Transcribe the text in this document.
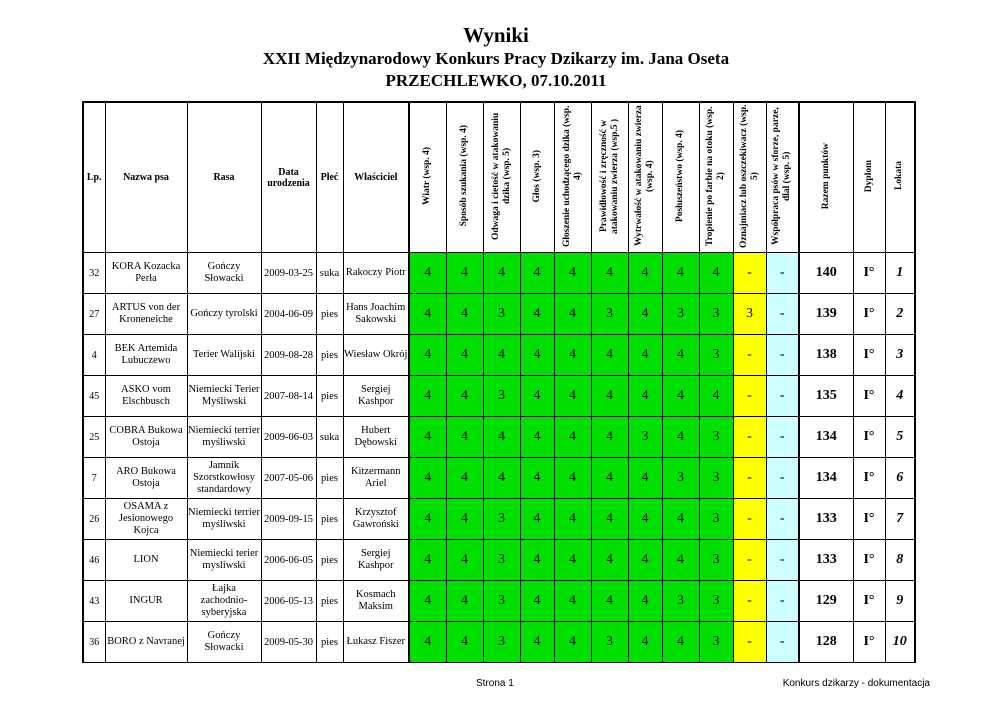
Wyniki
XXII Międzynarodowy Konkurs Pracy Dzikarzy im. Jana Oseta
PRZECHLEWKO, 07.10.2011
Lp.	Nazwa psa	Rasa	Data urodzenia	Płeć	Właściciel	Wiatr (wsp. 4)	Sposób szukania (wsp. 4)	Odwaga i cietość w atakowaniu dzika (wsp. 5)	Głos (wsp. 3)	Głoszenie uchodzącego dzika (wsp. 4)	Prawidłowość i zręczność w atakowaniu zwierza (wsp.5 )	Wytrwałość w atakowaniu zwierza (wsp. 4)	Posłuszeństwo (wsp. 4)	Tropienie po farbie na otoku (wsp. 2)	Oznajmiacz lub oszczekiwacz (wsp. 5)	Współpraca psów w sforze, parze, dlal (wsp. 5)	Razem punktów	Dyplom	Lokata
32	KORA Kozacka Perła	Gończy Słowacki	2009-03-25	suka	Rakoczy Piotr	4	4	4	4	4	4	4	4	4	-	-	140	I°	1
27	ARTUS von der Kroneneiche	Gończy tyrolski	2004-06-09	pies	Hans Joachim Sakowski	4	4	3	4	4	3	4	3	3	3	-	139	I°	2
4	BEK Artemida Lubuczewo	Terier Walijski	2009-08-28	pies	Wiesław Okrój	4	4	4	4	4	4	4	4	3	-	-	138	I°	3
45	ASKO vom Elschbusch	Niemiecki Terier Myśliwski	2007-08-14	pies	Sergiej Kashpor	4	4	3	4	4	4	4	4	4	-	-	135	I°	4
25	COBRA Bukowa Ostoja	Niemiecki terrier myśliwski	2009-06-03	suka	Hubert Dębowski	4	4	4	4	4	4	3	4	3	-	-	134	I°	5
7	ARO Bukowa Ostoja	Jamnik Szorstkowłosy standardowy	2007-05-06	pies	Kitzermann Ariel	4	4	4	4	4	4	4	3	3	-	-	134	I°	6
26	OSAMA z Jesionowego Kojca	Niemiecki terrier myśliwski	2009-09-15	pies	Krzysztof Gawroński	4	4	3	4	4	4	4	4	3	-	-	133	I°	7
46	LION	Niemiecki terier mysliwski	2006-06-05	pies	Sergiej Kashpor	4	4	3	4	4	4	4	4	3	-	-	133	I°	8
43	INGUR	Łajka zachodnio-syberyjska	2006-05-13	pies	Kosmach Maksim	4	4	3	4	4	4	4	3	3	-	-	129	I°	9
36	BORO z Navranej	Gończy Słowacki	2009-05-30	pies	Łukasz Fiszer	4	4	3	4	4	3	4	4	3	-	-	128	I°	10
Strona 1	Konkurs dzikarzy - dokumentacja
